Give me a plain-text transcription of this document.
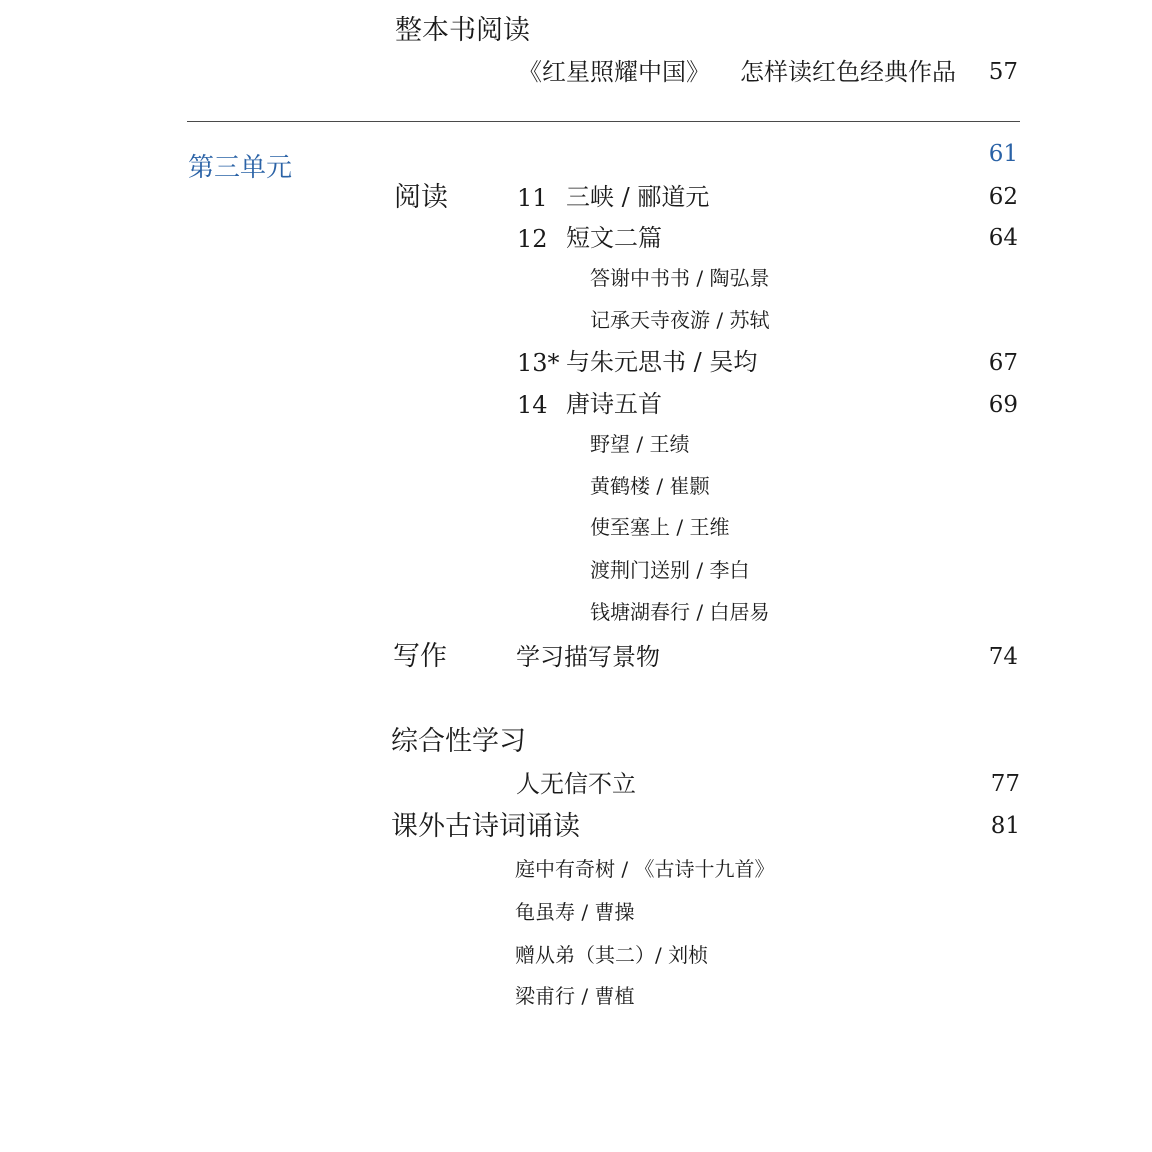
整本书阅读
《红星照耀中国》 怎样读红色经典作品	57
第三单元	61
阅读	11 三峡 / 郦道元	62
12 短文二篇	64
答谢中书书 / 陶弘景
记承天寺夜游 / 苏轼
13* 与朱元思书 / 吴均	67
14 唐诗五首	69
野望 / 王绩
黄鹤楼 / 崔颢
使至塞上 / 王维
渡荆门送别 / 李白
钱塘湖春行 / 白居易
写作	学习描写景物	74
综合性学习
人无信不立	77
课外古诗词诵读	81
庭中有奇树 / 《古诗十九首》
龟虽寿 / 曹操
赠从弟（其二）/ 刘桢
梁甫行 / 曹植
